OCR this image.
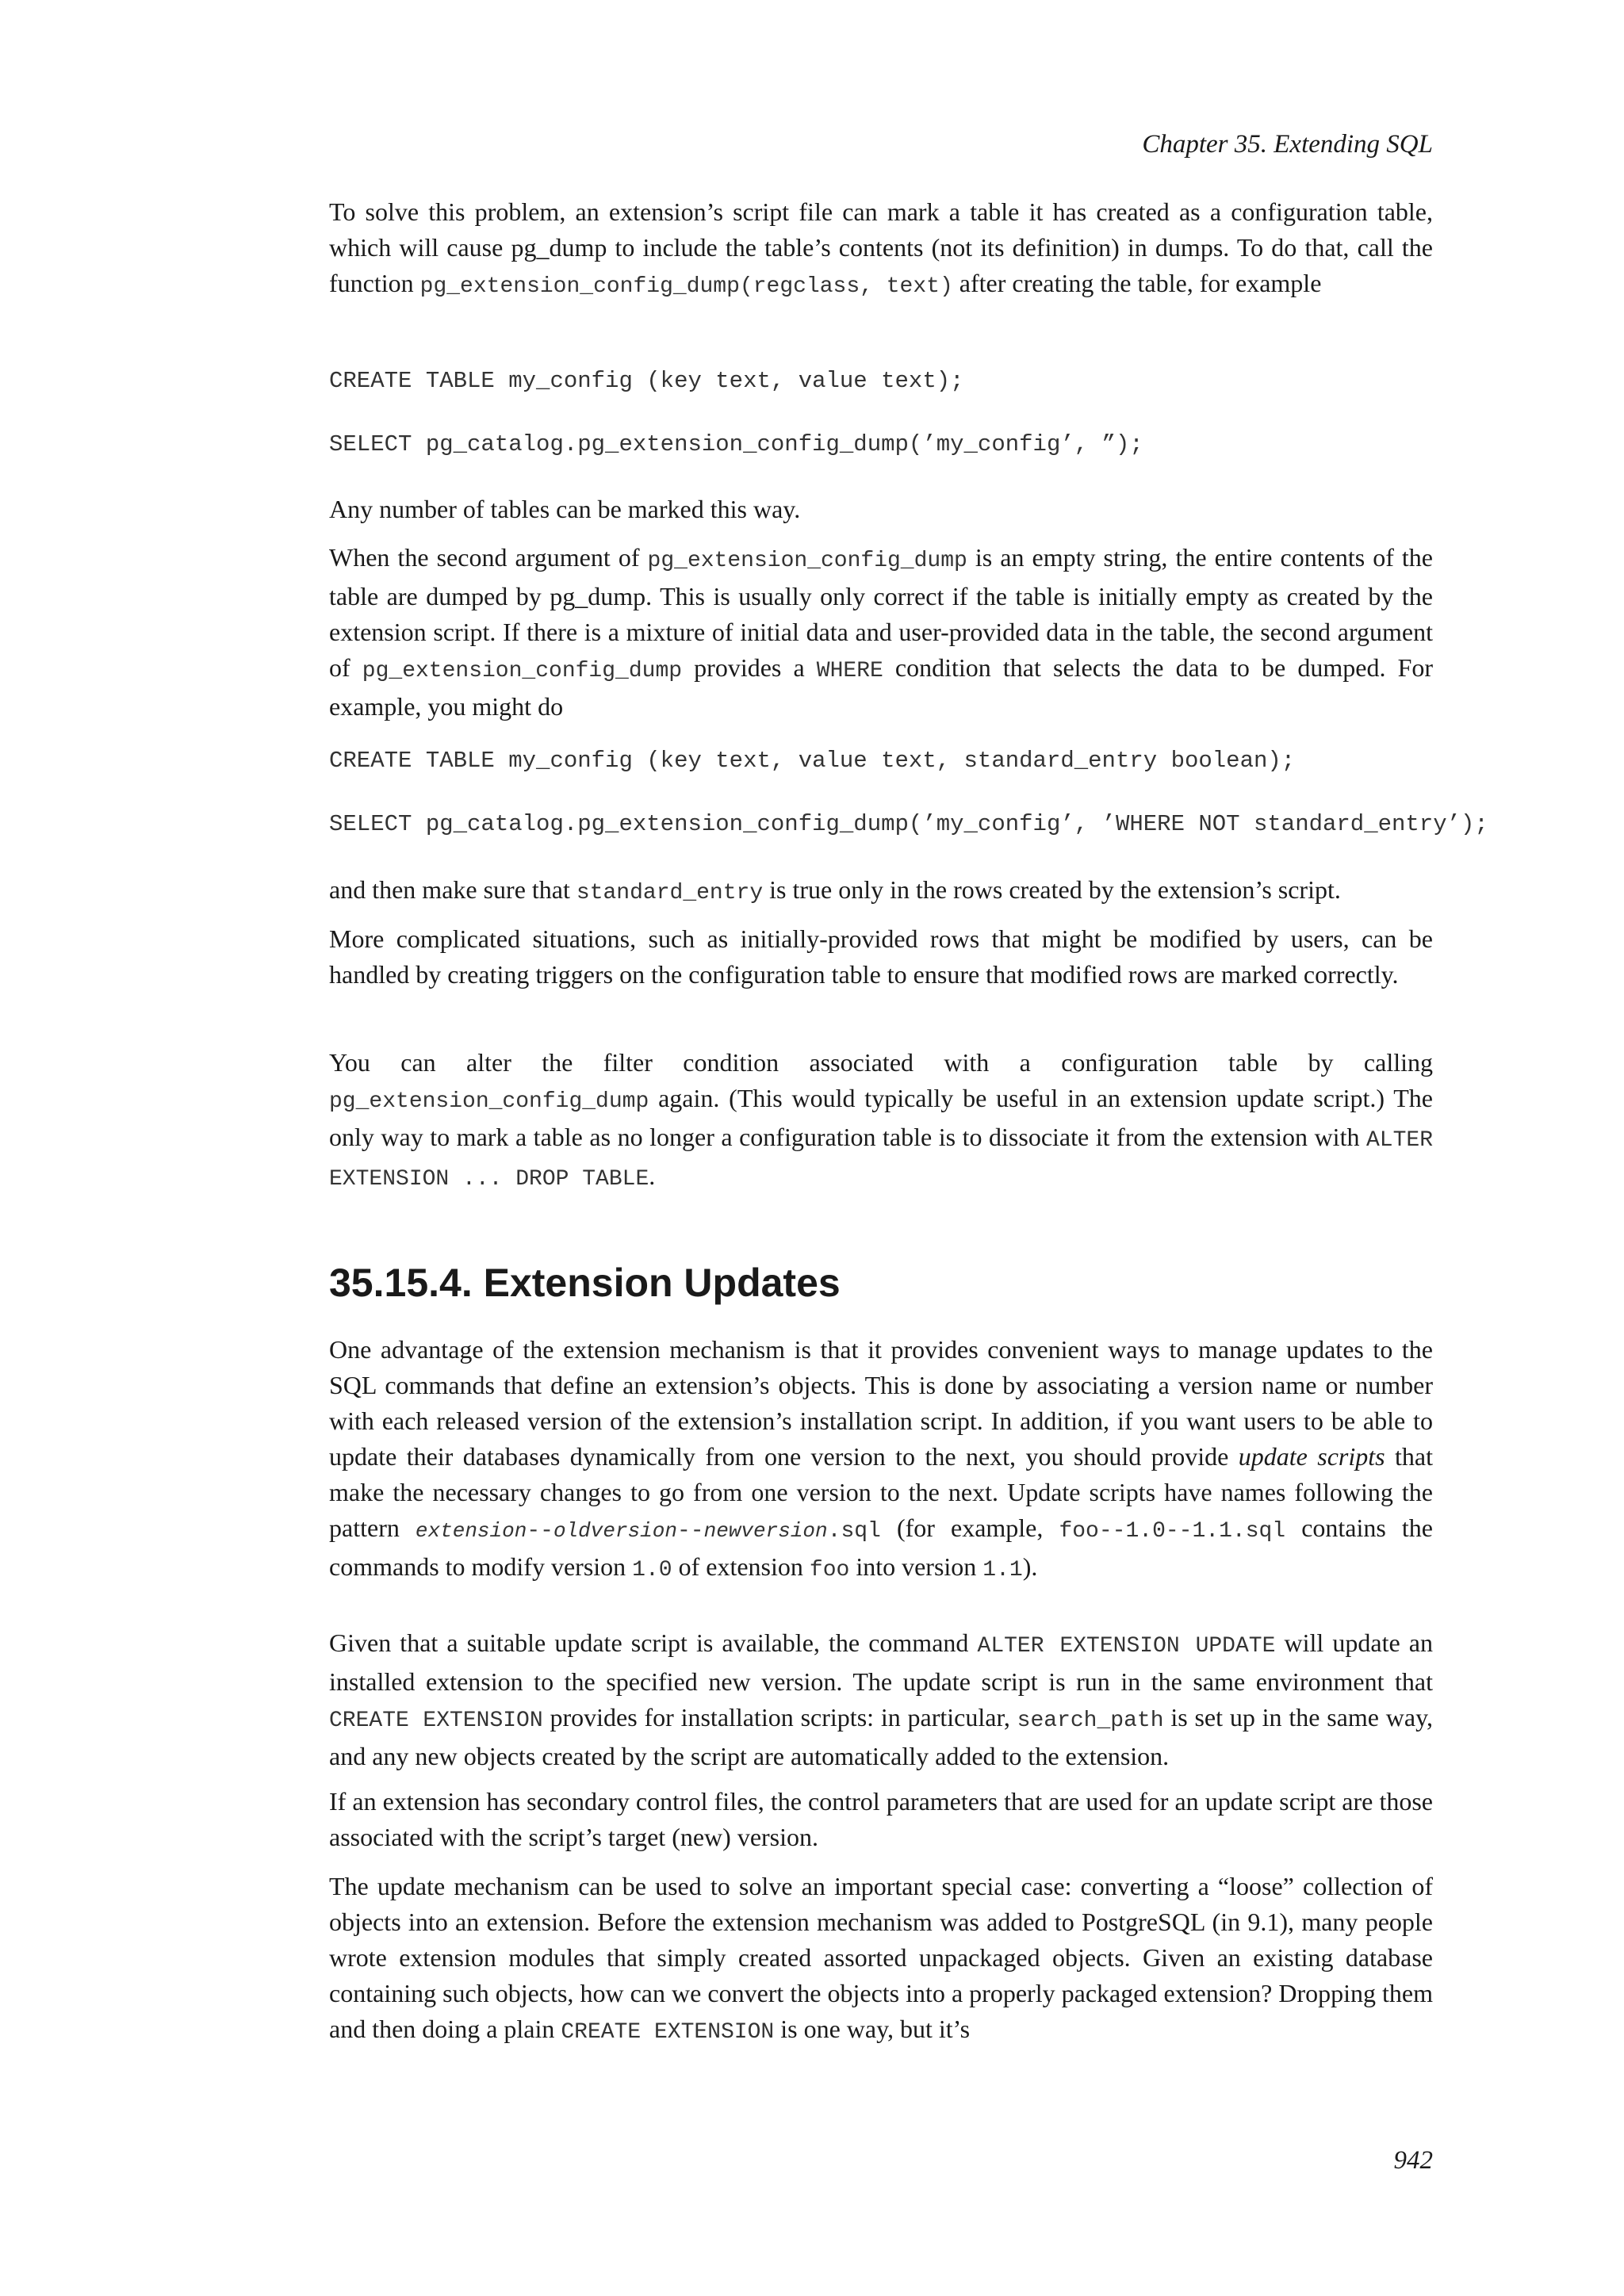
Chapter 35. Extending SQL

To solve this problem, an extension’s script file can mark a table it has created as a configuration table, which will cause pg_dump to include the table’s contents (not its definition) in dumps. To do that, call the function pg_extension_config_dump(regclass, text) after creating the table, for example

CREATE TABLE my_config (key text, value text);
SELECT pg_catalog.pg_extension_config_dump(’my_config’, ”);

Any number of tables can be marked this way.

When the second argument of pg_extension_config_dump is an empty string, the entire contents of the table are dumped by pg_dump. This is usually only correct if the table is initially empty as created by the extension script. If there is a mixture of initial data and user-provided data in the table, the second argument of pg_extension_config_dump provides a WHERE condition that selects the data to be dumped. For example, you might do

CREATE TABLE my_config (key text, value text, standard_entry boolean);
SELECT pg_catalog.pg_extension_config_dump(’my_config’, ’WHERE NOT standard_entry’);

and then make sure that standard_entry is true only in the rows created by the extension’s script.

More complicated situations, such as initially-provided rows that might be modified by users, can be handled by creating triggers on the configuration table to ensure that modified rows are marked correctly.

You can alter the filter condition associated with a configuration table by calling pg_extension_config_dump again. (This would typically be useful in an extension update script.) The only way to mark a table as no longer a configuration table is to dissociate it from the extension with ALTER EXTENSION ... DROP TABLE.

35.15.4. Extension Updates

One advantage of the extension mechanism is that it provides convenient ways to manage updates to the SQL commands that define an extension’s objects. This is done by associating a version name or number with each released version of the extension’s installation script. In addition, if you want users to be able to update their databases dynamically from one version to the next, you should provide update scripts that make the necessary changes to go from one version to the next. Update scripts have names following the pattern extension--oldversion--newversion.sql (for example, foo--1.0--1.1.sql contains the commands to modify version 1.0 of extension foo into version 1.1).

Given that a suitable update script is available, the command ALTER EXTENSION UPDATE will update an installed extension to the specified new version. The update script is run in the same environment that CREATE EXTENSION provides for installation scripts: in particular, search_path is set up in the same way, and any new objects created by the script are automatically added to the extension.

If an extension has secondary control files, the control parameters that are used for an update script are those associated with the script’s target (new) version.

The update mechanism can be used to solve an important special case: converting a “loose” collection of objects into an extension. Before the extension mechanism was added to PostgreSQL (in 9.1), many people wrote extension modules that simply created assorted unpackaged objects. Given an existing database containing such objects, how can we convert the objects into a properly packaged extension? Dropping them and then doing a plain CREATE EXTENSION is one way, but it’s

942
